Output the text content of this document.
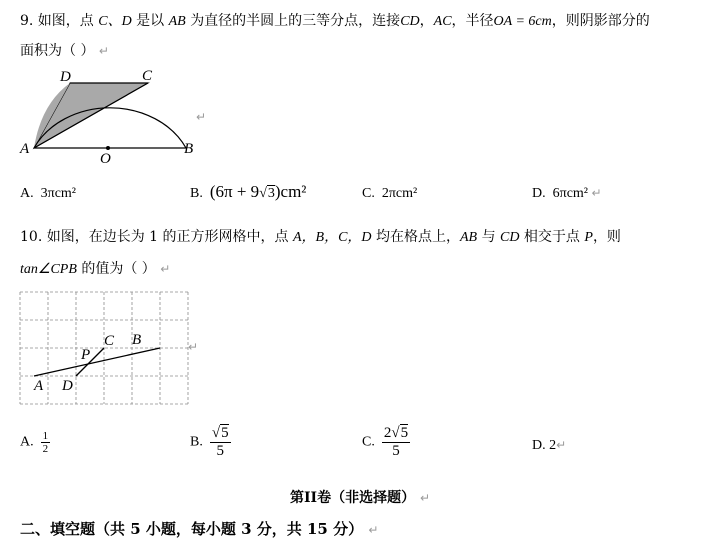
9. 如图，点 C、D 是以 AB 为直径的半圆上的三等分点，连接CD，AC，半径OA = 6cm，则阴影部分的
面积为（ ） ↵
A	B
C
D
O
↵
A. 3πcm²	B. (6π + 9√3)cm²	C. 2πcm²	D. 6πcm² ↵
10. 如图，在边长为 1 的正方形网格中，点 A，B，C，D 均在格点上，AB 与 CD 相交于点 P，则
tan∠CPB 的值为（ ） ↵
A D
P
C B	↵
A. $\frac{1}{2}$	B. $\frac{√5}{5}$	C. $\frac{2√5}{5}$	D. 2↵
第II卷（非选择题） ↵
二、填空题（共 5 小题，每小题 3 分，共 15 分） ↵
